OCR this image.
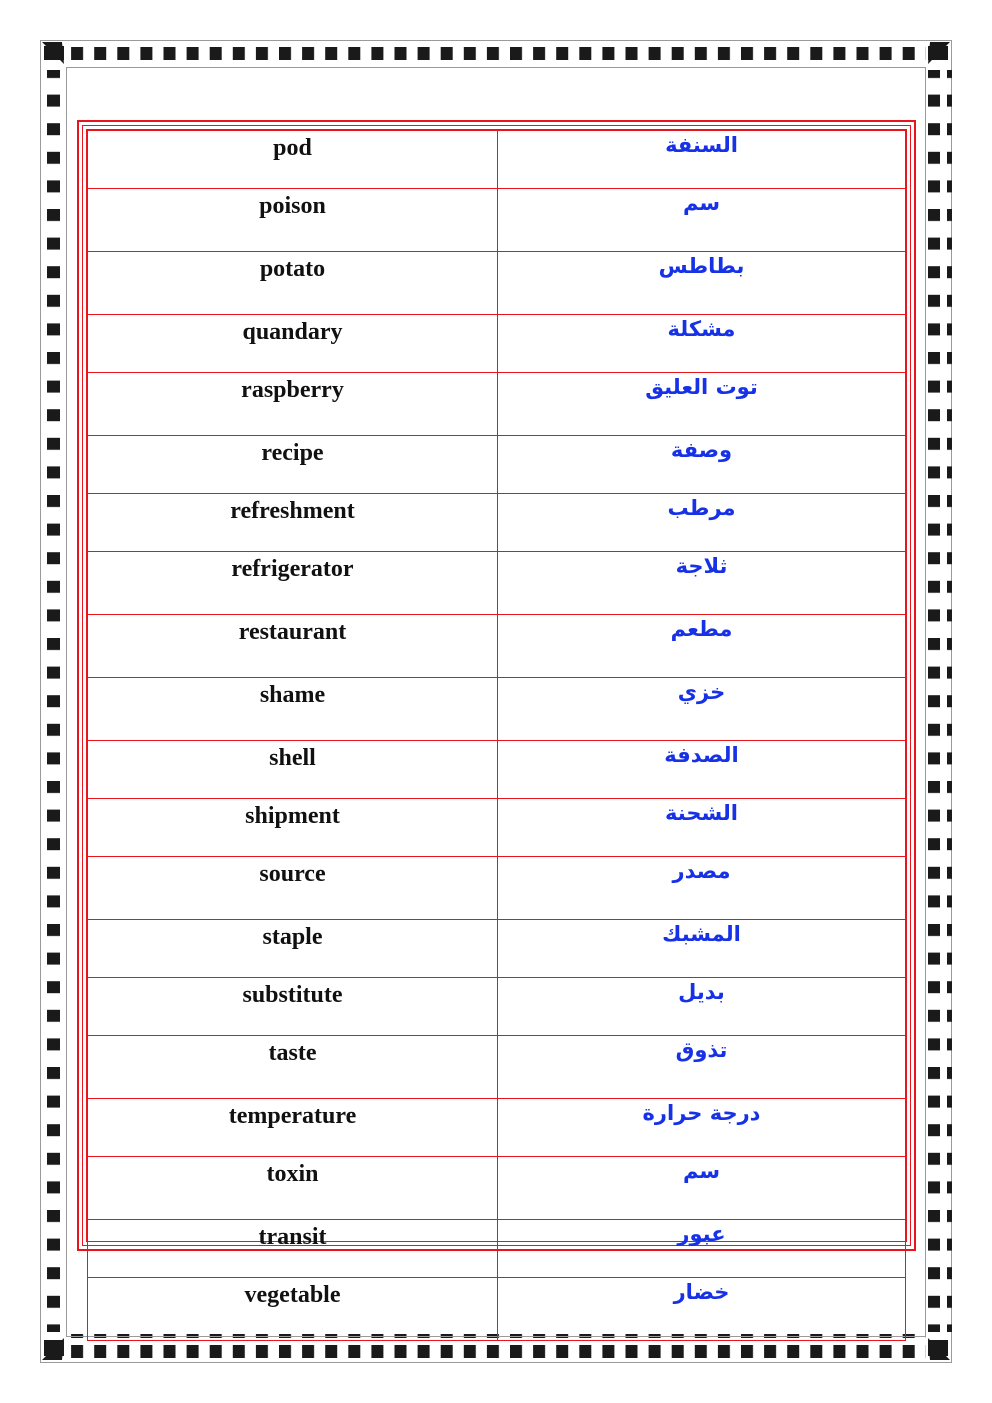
pod	السنفة
poison	سم
potato	بطاطس
quandary	مشكلة
raspberry	توت العليق
recipe	وصفة
refreshment	مرطب
refrigerator	ثلاجة
restaurant	مطعم
shame	خزي
shell	الصدفة
shipment	الشحنة
source	مصدر
staple	المشبك
substitute	بديل
taste	تذوق
temperature	درجة حرارة
toxin	سم
transit	عبور
vegetable	خضار
